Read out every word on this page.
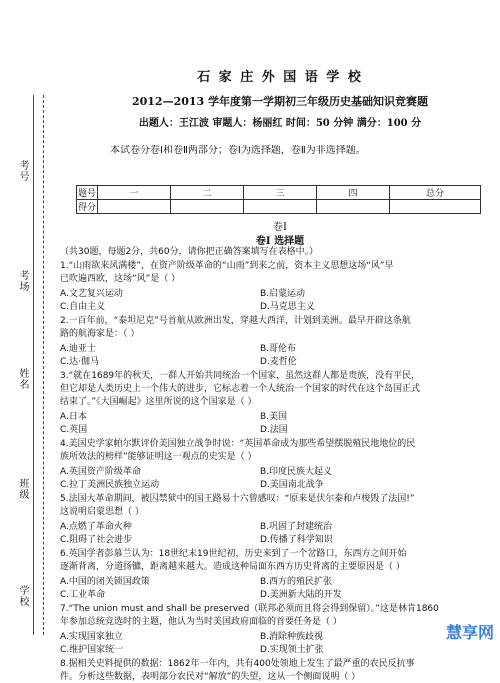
考号
考场
姓名
班级
学校
石 家 庄 外 国 语 学 校
2012—2013 学年度第一学期初三年级历史基础知识竞赛题
出题人：王江波 审题人：杨丽红 时间：50 分钟 满分：100 分
本试卷分卷Ⅰ和卷Ⅱ两部分；卷Ⅰ为选择题，卷Ⅱ为非选择题。
题号	一	二	三	四	总分
得分					
卷Ⅰ
卷Ⅰ 选择题
（共30题，每题2分，共60分，请你把正确答案填写在表格中。）
1.“山雨欲来风满楼”，在资产阶级革命的“山雨”到来之前，资本主义思想这场“风”早
已吹遍西欧，这场“风”是（ ）
A.文艺复兴运动	B.启蒙运动
C.自由主义	D.马克思主义
2.一百年前，“泰坦尼克”号首航从欧洲出发，穿越大西洋，计划到美洲。最早开辟这条航
路的航海家是：（ ）
A.迪亚士	B.哥伦布
C.达·伽马	D.麦哲伦
3.“就在1689年的秋天，一群人开始共同统治一个国家，虽然这群人都是贵族，没有平民，
但它却是人类历史上一个伟大的进步，它标志着一个人统治一个国家的时代在这个岛国正式
结束了。”《大国崛起》这里所说的这个国家是（ ）
A.日本	B.美国
C.英国	D.法国
4.美国史学家帕尔默评价美国独立战争时说：“英国革命成为那些希望摆脱殖民地地位的民
族所效法的榜样”能够证明这一观点的史实是（ ）
A.英国资产阶级革命	B.印度民族大起义
C.拉丁美洲民族独立运动	D.美国南北战争
5.法国大革命期间，被囚禁狱中的国王路易十六曾感叹：“原来是伏尔泰和卢梭毁了法国!”
这说明启蒙思想（ ）
A.点燃了革命火种	B.巩固了封建统治
C.阻碍了社会进步	D.传播了科学知识
6.英国学者彭慕兰认为：18世纪末19世纪初，历史来到了一个岔路口，东西方之间开始
逐渐背离，分道扬镳，距离越来越大。造成这种局面东西方历史背离的主要原因是（ ）
A.中国的闭关锁国政策	B.西方的殖民扩张
C.工业革命	D.美洲新大陆的开发
7.“The union must and shall be preserved（联邦必须而且将会得到保留）。”这是林肯1860
年参加总统竞选时的主题，他认为当时美国政府面临的首要任务是（ ）
A.实现国家独立	B.消除种族歧视
C.维护国家统一	D.实现领土扩张
8.据相关史料提供的数据：1862年一年内，共有400处领地上发生了最严重的农民反抗事
件。分析这些数据，表明部分农民对“解放”的失望，这从一个侧面说明（ ）
慧享网
